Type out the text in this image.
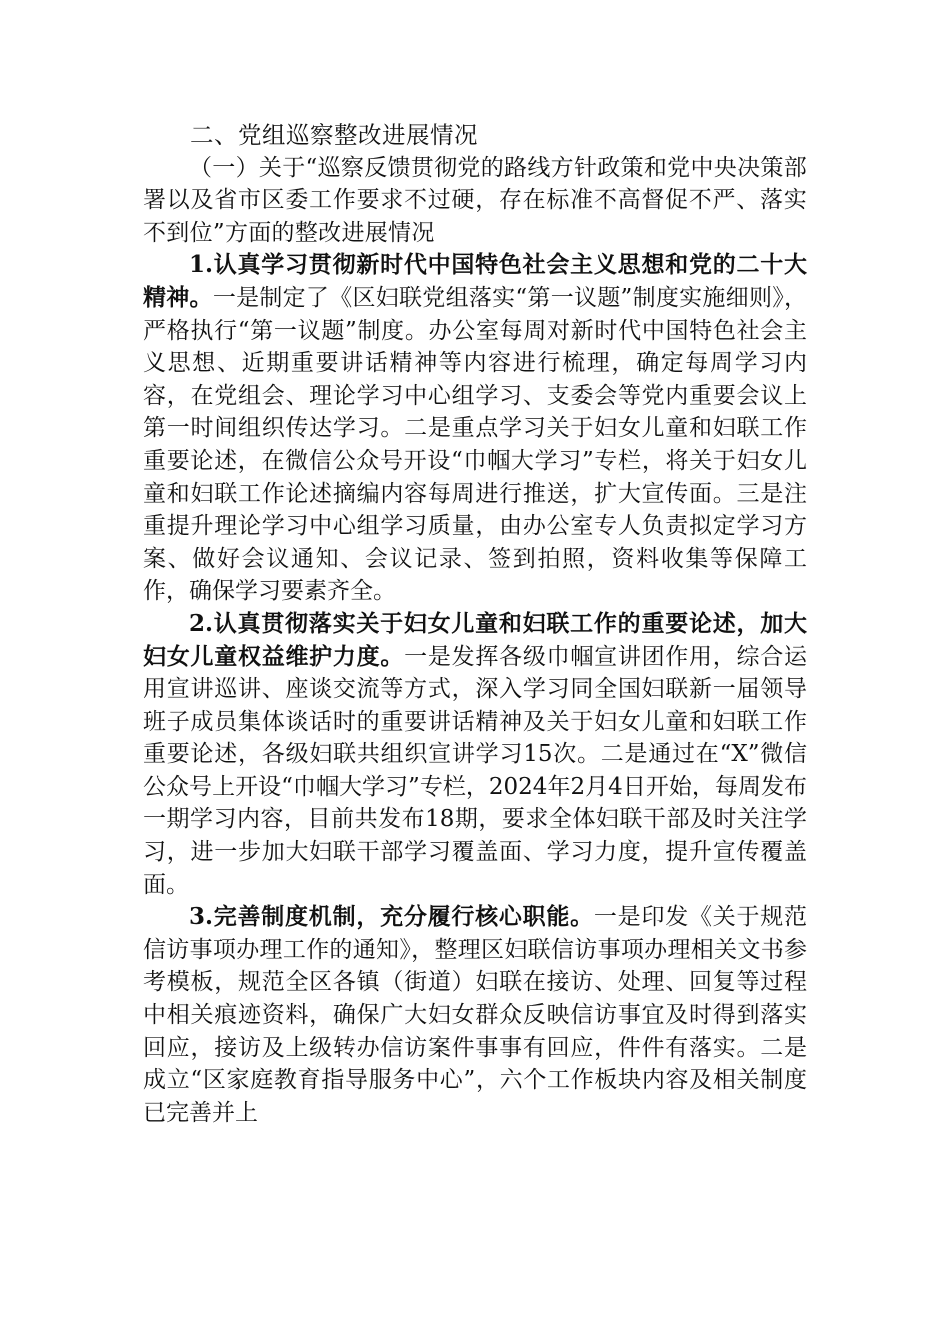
二、党组巡察整改进展情况

（一）关于“巡察反馈贯彻党的路线方针政策和党中央决策部署以及省市区委工作要求不过硬，存在标准不高督促不严、落实不到位”方面的整改进展情况

1.认真学习贯彻新时代中国特色社会主义思想和党的二十大精神。一是制定了《区妇联党组落实“第一议题”制度实施细则》，严格执行“第一议题”制度。办公室每周对新时代中国特色社会主义思想、近期重要讲话精神等内容进行梳理，确定每周学习内容，在党组会、理论学习中心组学习、支委会等党内重要会议上第一时间组织传达学习。二是重点学习关于妇女儿童和妇联工作重要论述，在微信公众号开设“巾帼大学习”专栏，将关于妇女儿童和妇联工作论述摘编内容每周进行推送，扩大宣传面。三是注重提升理论学习中心组学习质量，由办公室专人负责拟定学习方案、做好会议通知、会议记录、签到拍照，资料收集等保障工作，确保学习要素齐全。

2.认真贯彻落实关于妇女儿童和妇联工作的重要论述，加大妇女儿童权益维护力度。一是发挥各级巾帼宣讲团作用，综合运用宣讲巡讲、座谈交流等方式，深入学习同全国妇联新一届领导班子成员集体谈话时的重要讲话精神及关于妇女儿童和妇联工作重要论述，各级妇联共组织宣讲学习15次。二是通过在“X”微信公众号上开设“巾帼大学习”专栏，2024年2月4日开始，每周发布一期学习内容，目前共发布18期，要求全体妇联干部及时关注学习，进一步加大妇联干部学习覆盖面、学习力度，提升宣传覆盖面。

3.完善制度机制，充分履行核心职能。一是印发《关于规范信访事项办理工作的通知》，整理区妇联信访事项办理相关文书参考模板，规范全区各镇（街道）妇联在接访、处理、回复等过程中相关痕迹资料，确保广大妇女群众反映信访事宜及时得到落实回应，接访及上级转办信访案件事事有回应，件件有落实。二是成立“区家庭教育指导服务中心”，六个工作板块内容及相关制度已完善并上
